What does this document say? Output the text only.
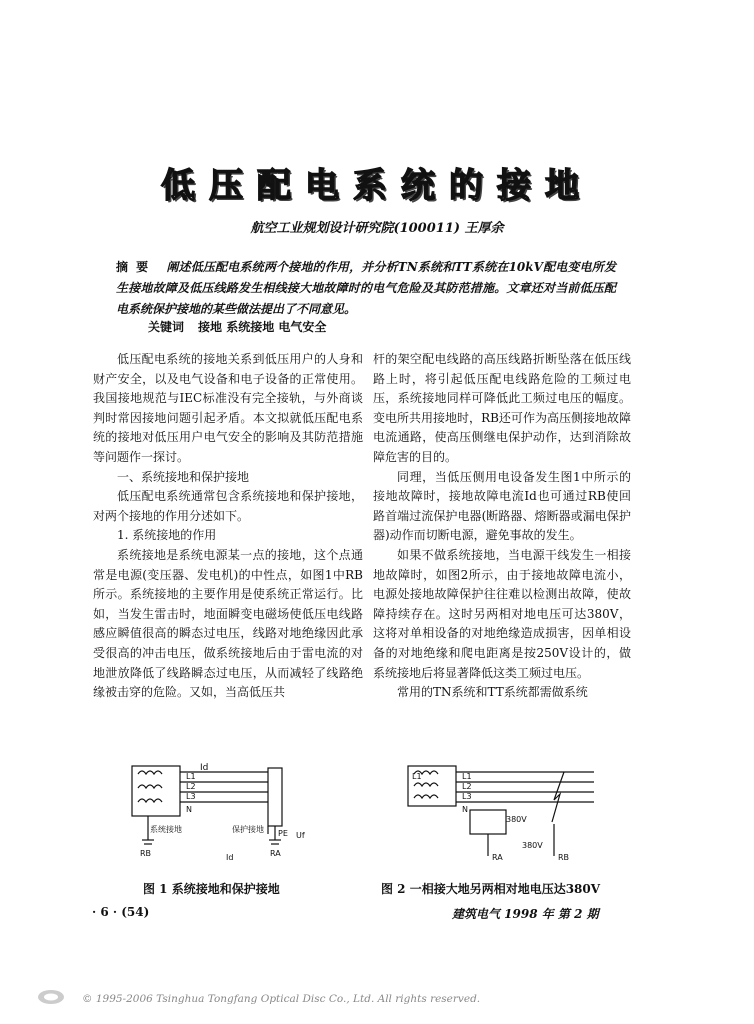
低压配电系统的接地
航空工业规划设计研究院(100011) 王厚余
摘要 阐述低压配电系统两个接地的作用，并分析TN系统和TT系统在10kV配电变电所发生接地故障及低压线路发生相线接大地故障时的电气危险及其防范措施。文章还对当前低压配电系统保护接地的某些做法提出了不同意见。
关键词 接地 系统接地 电气安全

低压配电系统的接地关系到低压用户的人身和财产安全，以及电气设备和电子设备的正常使用。我国接地规范与IEC标准没有完全接轨，与外商谈判时常因接地问题引起矛盾。本文拟就低压配电系统的接地对低压用户电气安全的影响及其防范措施等问题作一探讨。

一、系统接地和保护接地

低压配电系统通常包含系统接地和保护接地，对两个接地的作用分述如下。

1. 系统接地的作用

系统接地是系统电源某一点的接地，这个点通常是电源(变压器、发电机)的中性点，如图1中RB所示。系统接地的主要作用是使系统正常运行。比如，当发生雷击时，地面瞬变电磁场使低压电线路感应瞬值很高的瞬态过电压，线路对地绝缘因此承受很高的冲击电压，做系统接地后由于雷电流的对地泄放降低了线路瞬态过电压，从而减轻了线路绝缘被击穿的危险。又如，当高低压共

杆的架空配电线路的高压线路折断坠落在低压线路上时，将引起低压配电线路危险的工频过电压，系统接地同样可降低此工频过电压的幅度。变电所共用接地时，RB还可作为高压侧接地故障电流通路，使高压侧继电保护动作，达到消除故障危害的目的。

同理，当低压侧用电设备发生图1中所示的接地故障时，接地故障电流Id也可通过RB使回路首端过流保护电器(断路器、熔断器或漏电保护器)动作而切断电源，避免事故的发生。

如果不做系统接地，当电源干线发生一相接地故障时，如图2所示，由于接地故障电流小，电源处接地故障保护往往难以检测出故障，使故障持续存在。这时另两相对地电压可达380V，这将对单相设备的对地绝缘造成损害，因单相设备的对地绝缘和爬电距离是按250V设计的，做系统接地后将显著降低这类工频过电压。

常用的TN系统和TT系统都需做系统

Id
L1
L2
L3
N
PE Uf
系统接地	保护接地
RB	RA
Id
L1	L1
L2
L3
N
380V
380V
RA	RB
图 1 系统接地和保护接地	图 2 一相接大地另两相对地电压达380V
· 6 · (54)	建筑电气 1998 年 第 2 期
© 1995-2006 Tsinghua Tongfang Optical Disc Co., Ltd. All rights reserved.
